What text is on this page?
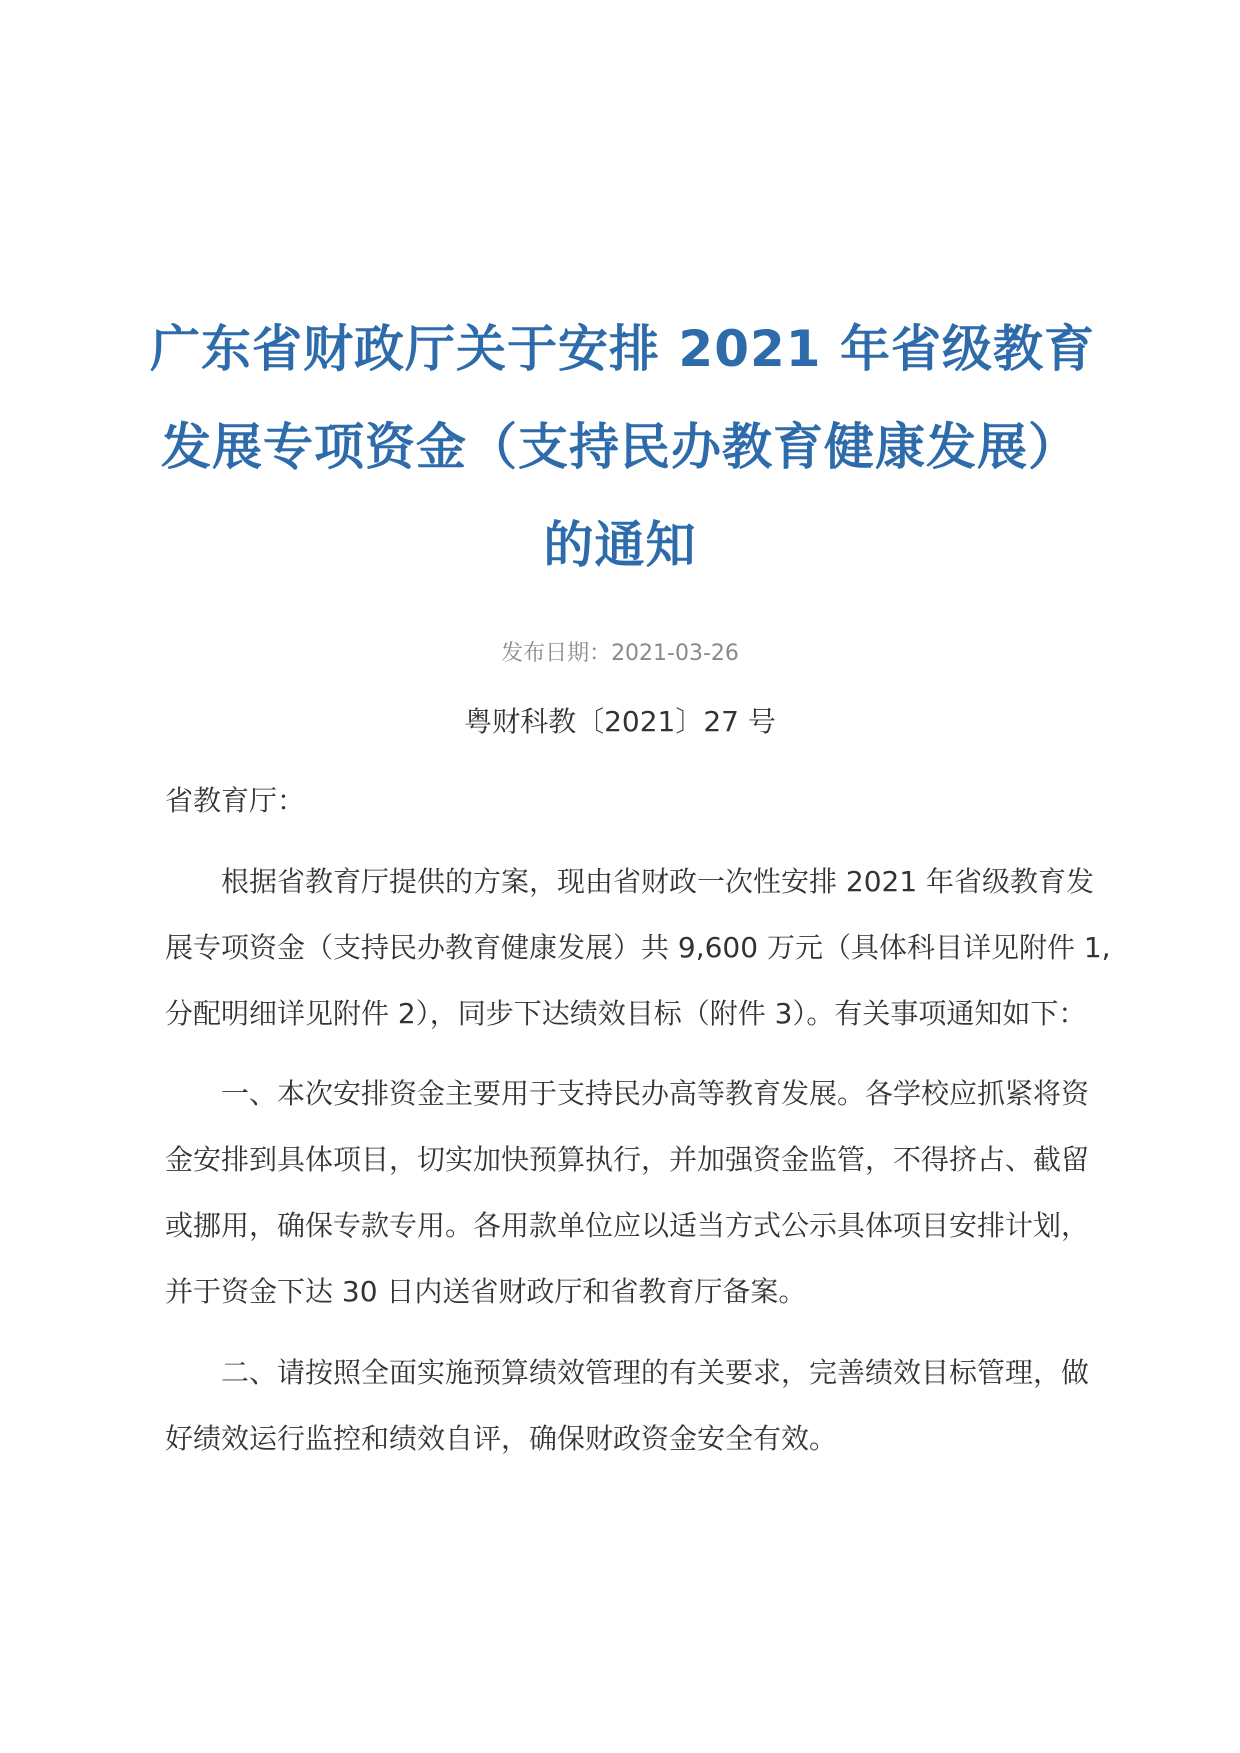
广东省财政厅关于安排 2021 年省级教育
发展专项资金（支持民办教育健康发展）
的通知
发布日期：2021-03-26
粤财科教〔2021〕27 号
省教育厅：
根据省教育厅提供的方案，现由省财政一次性安排 2021 年省级教育发
展专项资金（支持民办教育健康发展）共 9,600 万元（具体科目详见附件 1,
分配明细详见附件 2），同步下达绩效目标（附件 3）。有关事项通知如下：
一、本次安排资金主要用于支持民办高等教育发展。各学校应抓紧将资
金安排到具体项目，切实加快预算执行，并加强资金监管，不得挤占、截留
或挪用，确保专款专用。各用款单位应以适当方式公示具体项目安排计划，
并于资金下达 30 日内送省财政厅和省教育厅备案。
二、请按照全面实施预算绩效管理的有关要求，完善绩效目标管理，做
好绩效运行监控和绩效自评，确保财政资金安全有效。
